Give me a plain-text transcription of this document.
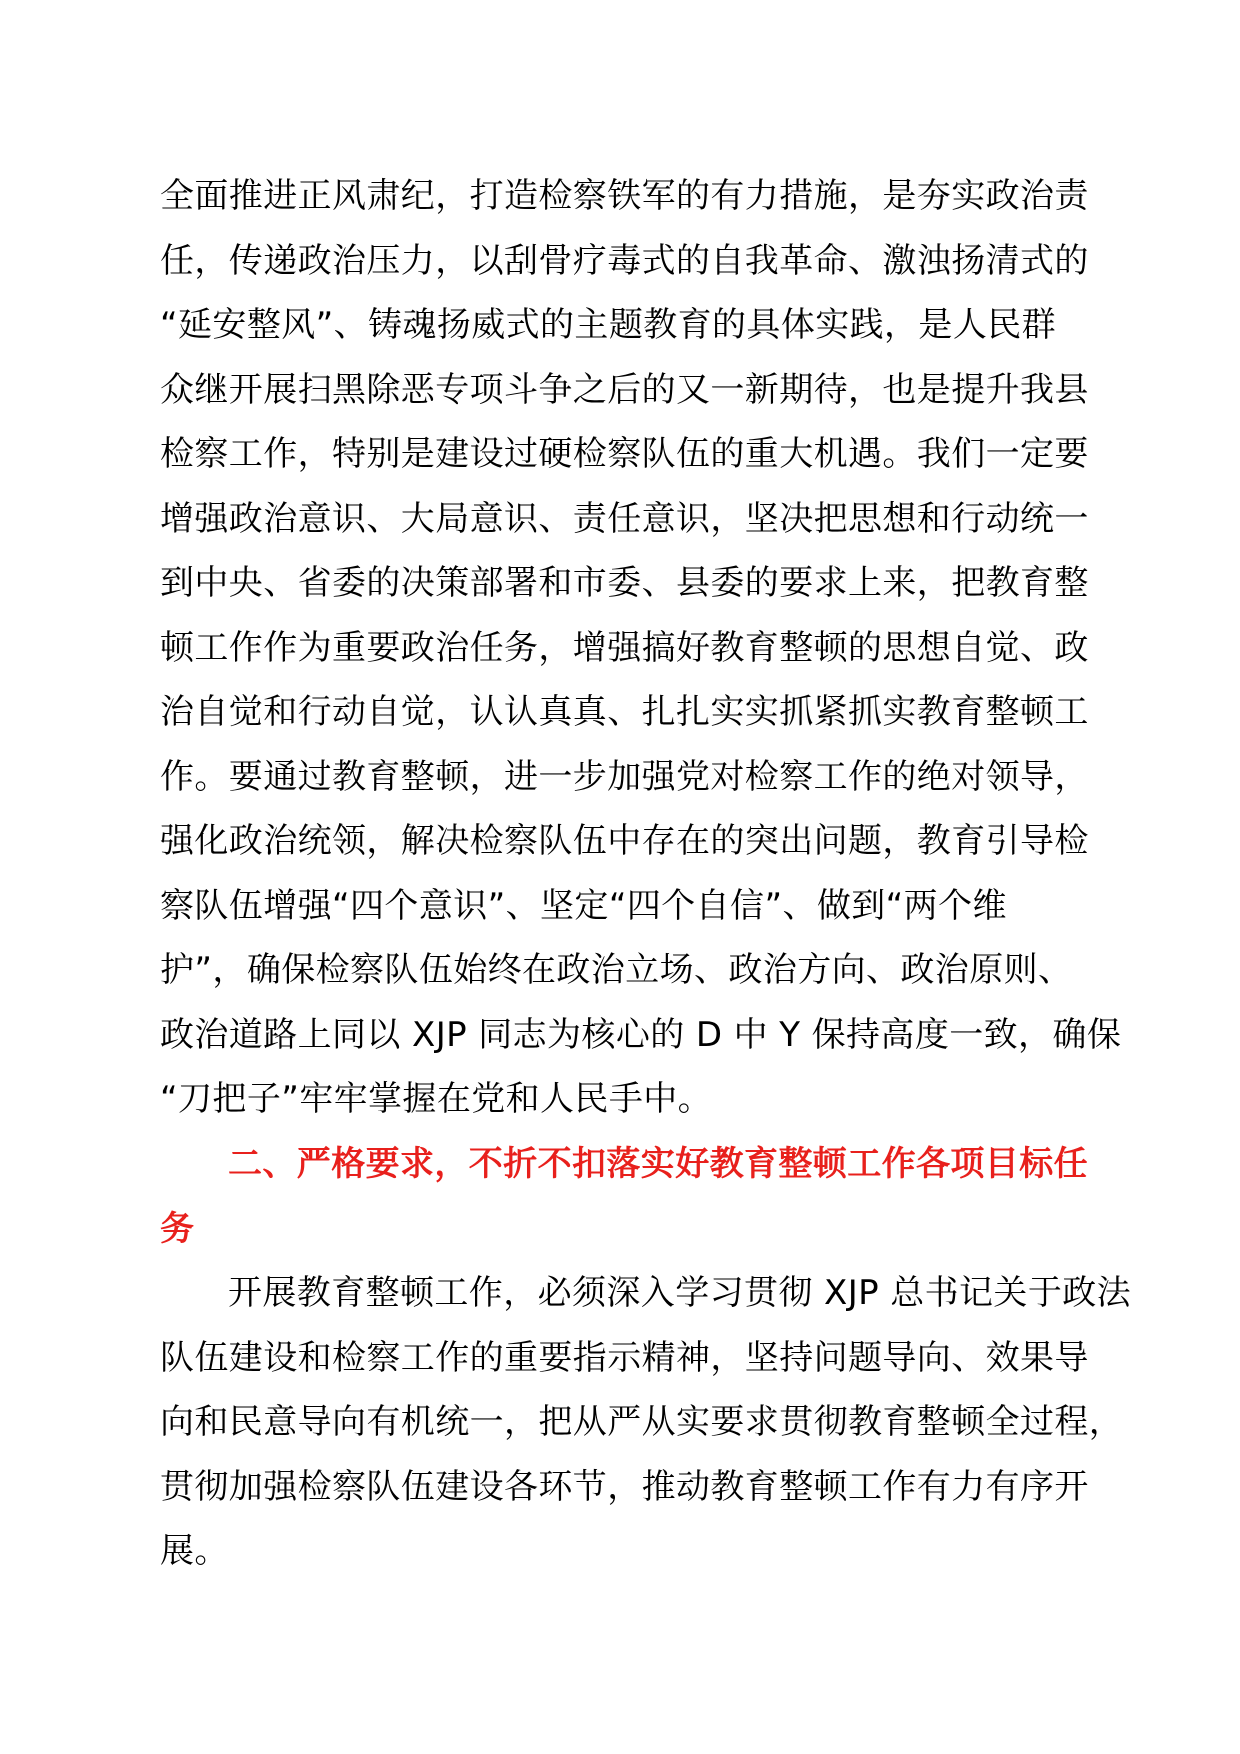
全面推进正风肃纪，打造检察铁军的有力措施，是夯实政治责
任，传递政治压力，以刮骨疗毒式的自我革命、激浊扬清式的
“延安整风”、铸魂扬威式的主题教育的具体实践，是人民群
众继开展扫黑除恶专项斗争之后的又一新期待，也是提升我县
检察工作，特别是建设过硬检察队伍的重大机遇。我们一定要
增强政治意识、大局意识、责任意识，坚决把思想和行动统一
到中央、省委的决策部署和市委、县委的要求上来，把教育整
顿工作作为重要政治任务，增强搞好教育整顿的思想自觉、政
治自觉和行动自觉，认认真真、扎扎实实抓紧抓实教育整顿工
作。要通过教育整顿，进一步加强党对检察工作的绝对领导，
强化政治统领，解决检察队伍中存在的突出问题，教育引导检
察队伍增强“四个意识”、坚定“四个自信”、做到“两个维
护”，确保检察队伍始终在政治立场、政治方向、政治原则、
政治道路上同以 XJP 同志为核心的 D 中 Y 保持高度一致，确保
“刀把子”牢牢掌握在党和人民手中。
二、严格要求，不折不扣落实好教育整顿工作各项目标任
务
开展教育整顿工作，必须深入学习贯彻 XJP 总书记关于政法
队伍建设和检察工作的重要指示精神，坚持问题导向、效果导
向和民意导向有机统一，把从严从实要求贯彻教育整顿全过程，
贯彻加强检察队伍建设各环节，推动教育整顿工作有力有序开
展。
